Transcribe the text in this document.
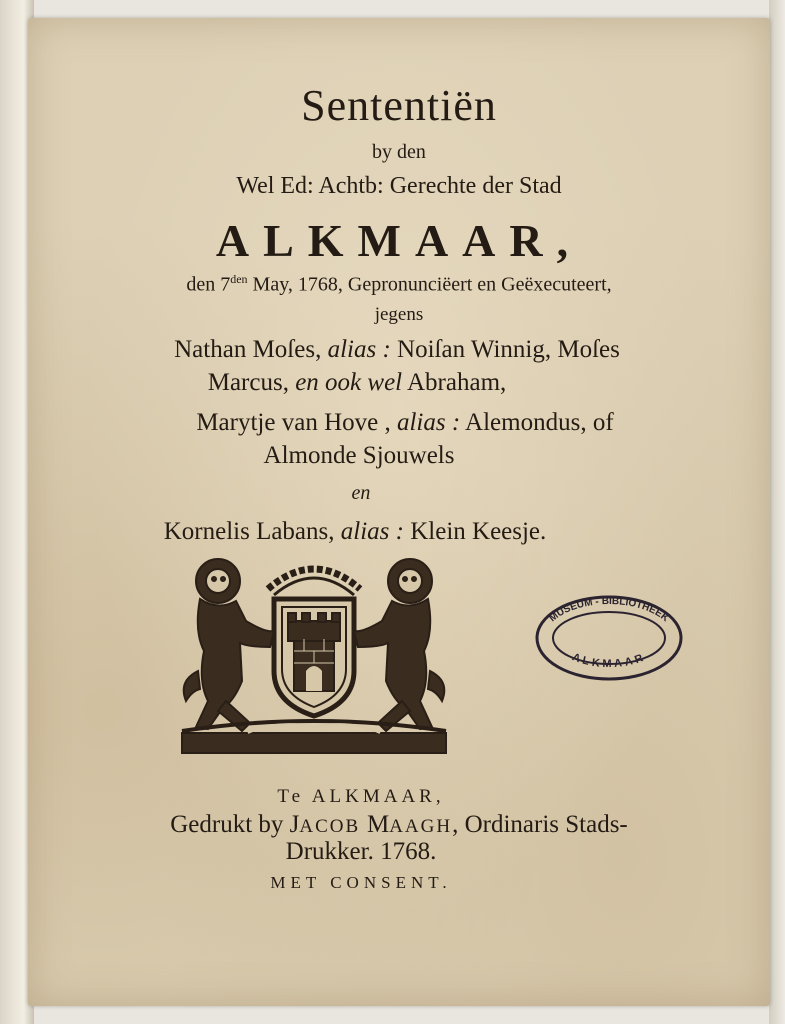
Sententiën
by den
Wel Ed: Achtb: Gerechte der Stad
ALKMAAR,
den $7^{den}$ May, 1768, Gepronunciëert en Geëxecuteert,
jegens
Nathan Moſes, alias : Noiſan Winnig, Moſes
Marcus, en ook wel Abraham,
Marytje van Hove , alias : Alemondus, of
Almonde Sjouwels
en
Kornelis Labans, alias : Klein Keesje.
MUSEUM - BIBLIOTHEEK
ALKMAAR
Te ALKMAAR,
Gedrukt by JACOB MAAGH, Ordinaris Stads-
Drukker. 1768.
MET CONSENT.
